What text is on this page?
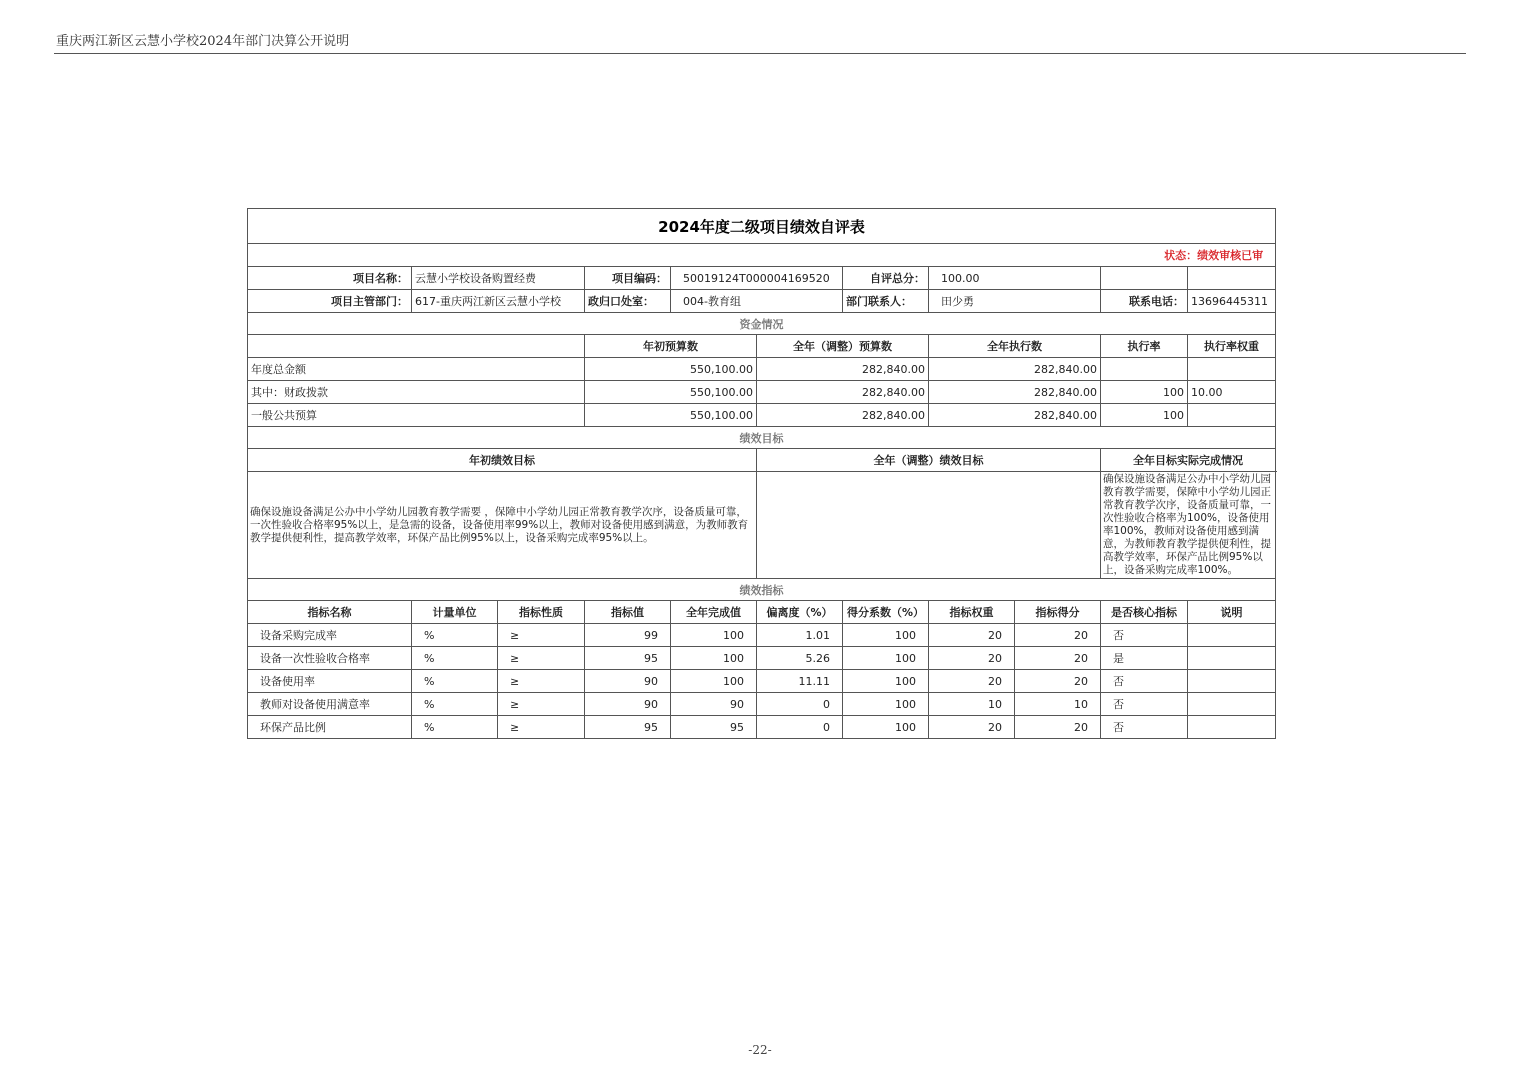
重庆两江新区云慧小学校2024年部门决算公开说明
2024年度二级项目绩效自评表											
状态：绩效审核已审											
项目名称：	云慧小学校设备购置经费		项目编码：	50019124T000004169520		自评总分：	100.00				
项目主管部门：	617-重庆两江新区云慧小学校		政归口处室：	004-教育组		部门联系人：	田少勇		联系电话：	13696445311	
资金情况											
			年初预算数		全年（调整）预算数		全年执行数		执行率	执行率权重	
年度总金额			550,100.00		282,840.00		282,840.00				
其中：财政拨款			550,100.00		282,840.00		282,840.00		100	10.00	
一般公共预算			550,100.00		282,840.00		282,840.00		100		
绩效目标											
年初绩效目标					全年（调整）绩效目标				全年目标实际完成情况		
确保设施设备满足公办中小学幼儿园教育教学需要 ，保障中小学幼儿园正常教育教学次序，设备质量可靠，一次性验收合格率95%以上，是急需的设备，设备使用率99%以上，教师对设备使用感到满意，为教师教育教学提供便利性，提高教学效率，环保产品比例95%以上，设备采购完成率95%以上。									确保设施设备满足公办中小学幼儿园教育教学需要，保障中小学幼儿园正常教育教学次序，设备质量可靠，一次性验收合格率为100%，设备使用率100%，教师对设备使用感到满意，为教师教育教学提供便利性，提高教学效率，环保产品比例95%以上，设备采购完成率100%。		
绩效指标											
指标名称	计量单位	指标性质	指标值	全年完成值	偏离度（%）	得分系数（%）	指标权重	指标得分	是否核心指标	说明	
设备采购完成率	%	≥	99	100	1.01	100	20	20	否		
设备一次性验收合格率	%	≥	95	100	5.26	100	20	20	是		
设备使用率	%	≥	90	100	11.11	100	20	20	否		
教师对设备使用满意率	%	≥	90	90	0	100	10	10	否		
环保产品比例	%	≥	95	95	0	100	20	20	否		
-22-
